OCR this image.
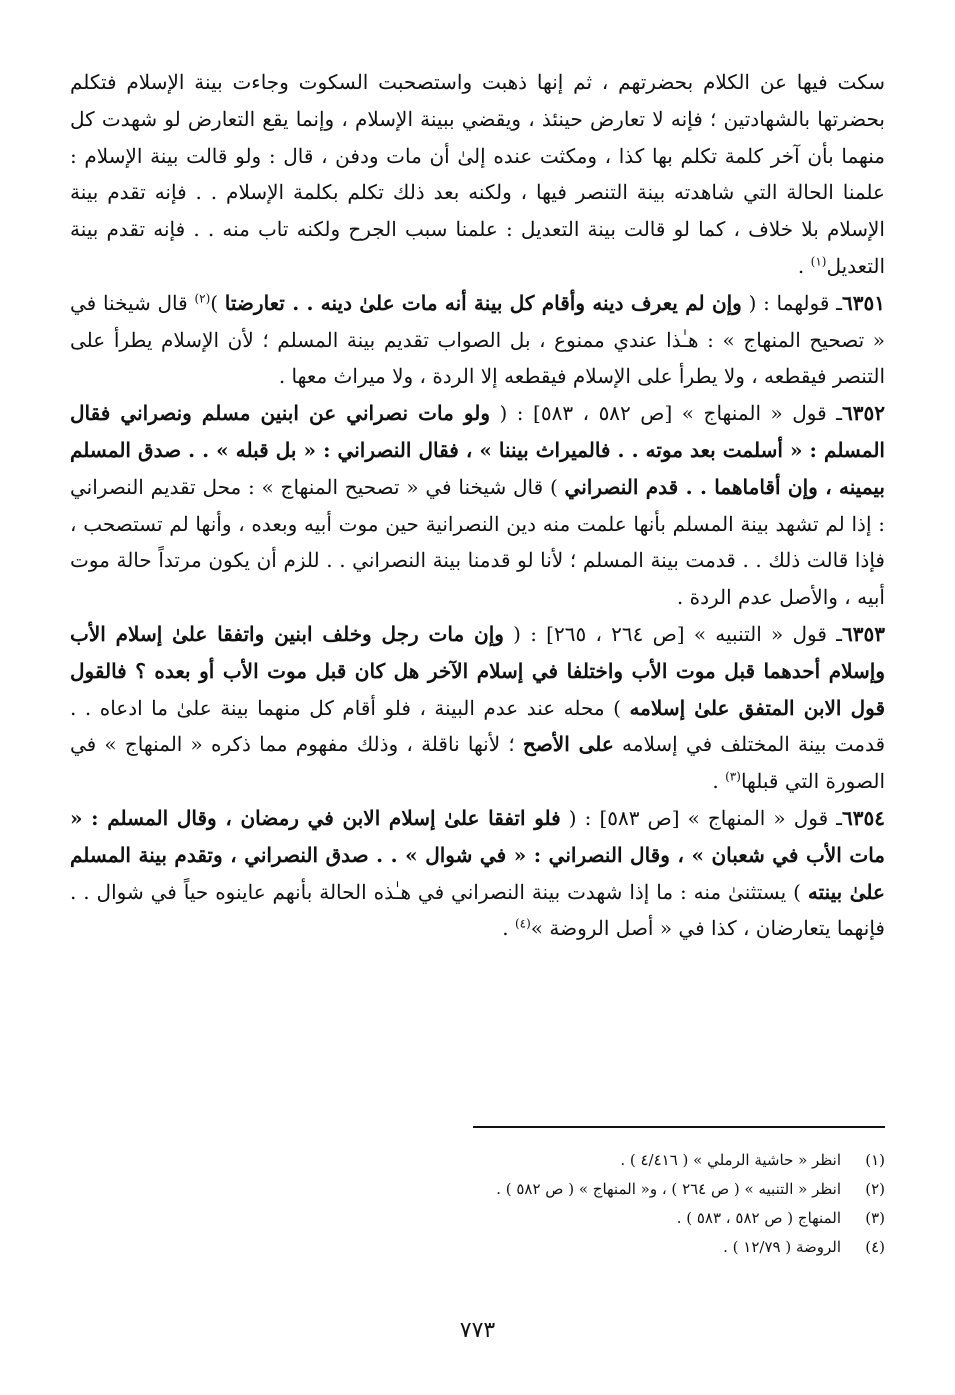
سكت فيها عن الكلام بحضرتهم ، ثم إنها ذهبت واستصحبت السكوت وجاءت بينة الإسلام فتكلم بحضرتها بالشهادتين ؛ فإنه لا تعارض حينئذ ، ويقضي ببينة الإسلام ، وإنما يقع التعارض لو شهدت كل منهما بأن آخر كلمة تكلم بها كذا ، ومكثت عنده إلىٰ أن مات ودفن ، قال : ولو قالت بينة الإسلام : علمنا الحالة التي شاهدته بينة التنصر فيها ، ولكنه بعد ذلك تكلم بكلمة الإسلام . . فإنه تقدم بينة الإسلام بلا خلاف ، كما لو قالت بينة التعديل : علمنا سبب الجرح ولكنه تاب منه . . فإنه تقدم بينة التعديل$^{(١)}$ .

٦٣٥١ـ قولهما : ( وإن لم يعرف دينه وأقام كل بينة أنه مات علىٰ دينه . . تعارضتا )$^{(٢)}$ قال شيخنا في « تصحيح المنهاج » : هـٰذا عندي ممنوع ، بل الصواب تقديم بينة المسلم ؛ لأن الإسلام يطرأ على التنصر فيقطعه ، ولا يطرأ على الإسلام فيقطعه إلا الردة ، ولا ميراث معها .

٦٣٥٢ـ قول « المنهاج » [ص ٥٨٢ ، ٥٨٣] : ( ولو مات نصراني عن ابنين مسلم ونصراني فقال المسلم : « أسلمت بعد موته . . فالميراث بيننا » ، فقال النصراني : « بل قبله » . . صدق المسلم بيمينه ، وإن أقاماهما . . قدم النصراني ) قال شيخنا في « تصحيح المنهاج » : محل تقديم النصراني : إذا لم تشهد بينة المسلم بأنها علمت منه دين النصرانية حين موت أبيه وبعده ، وأنها لم تستصحب ، فإذا قالت ذلك . . قدمت بينة المسلم ؛ لأنا لو قدمنا بينة النصراني . . للزم أن يكون مرتداً حالة موت أبيه ، والأصل عدم الردة .

٦٣٥٣ـ قول « التنبيه » [ص ٢٦٤ ، ٢٦٥] : ( وإن مات رجل وخلف ابنين واتفقا علىٰ إسلام الأب وإسلام أحدهما قبل موت الأب واختلفا في إسلام الآخر هل كان قبل موت الأب أو بعده ؟ فالقول قول الابن المتفق علىٰ إسلامه ) محله عند عدم البينة ، فلو أقام كل منهما بينة علىٰ ما ادعاه . . قدمت بينة المختلف في إسلامه على الأصح ؛ لأنها ناقلة ، وذلك مفهوم مما ذكره « المنهاج » في الصورة التي قبلها$^{(٣)}$ .

٦٣٥٤ـ قول « المنهاج » [ص ٥٨٣] : ( فلو اتفقا علىٰ إسلام الابن في رمضان ، وقال المسلم : « مات الأب في شعبان » ، وقال النصراني : « في شوال » . . صدق النصراني ، وتقدم بينة المسلم علىٰ بينته ) يستثنىٰ منه : ما إذا شهدت بينة النصراني في هـٰذه الحالة بأنهم عاينوه حياً في شوال . . فإنهما يتعارضان ، كذا في « أصل الروضة »$^{(٤)}$ .

(١)انظر « حاشية الرملي » ( ٤/٤١٦ ) .
(٢)انظر « التنبيه » ( ص ٢٦٤ ) ، و« المنهاج » ( ص ٥٨٢ ) .
(٣)المنهاج ( ص ٥٨٢ ، ٥٨٣ ) .
(٤)الروضة ( ١٢/٧٩ ) .
٧٧٣
